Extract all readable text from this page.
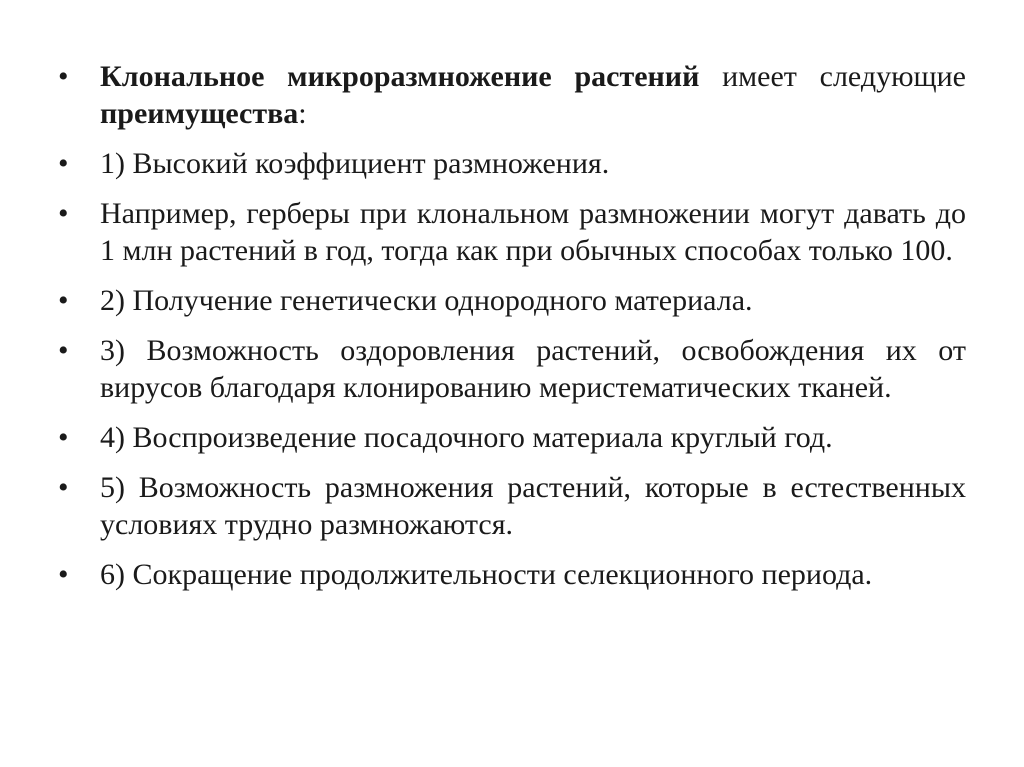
•	Клональное микроразмножение растений имеет следующие преимущества:
•	1) Высокий коэффициент размножения.
•	Например, герберы при клональном размножении могут давать до 1 млн растений в год, тогда как при обычных способах только 100.
•	2) Получение генетически однородного материала.
•	3) Возможность оздоровления растений, освобождения их от вирусов благодаря клонированию меристематических тканей.
•	4) Воспроизведение посадочного материала круглый год.
•	5) Возможность размножения растений, которые в естественных условиях трудно размножаются.
•	6) Сокращение продолжительности селекционного периода.
